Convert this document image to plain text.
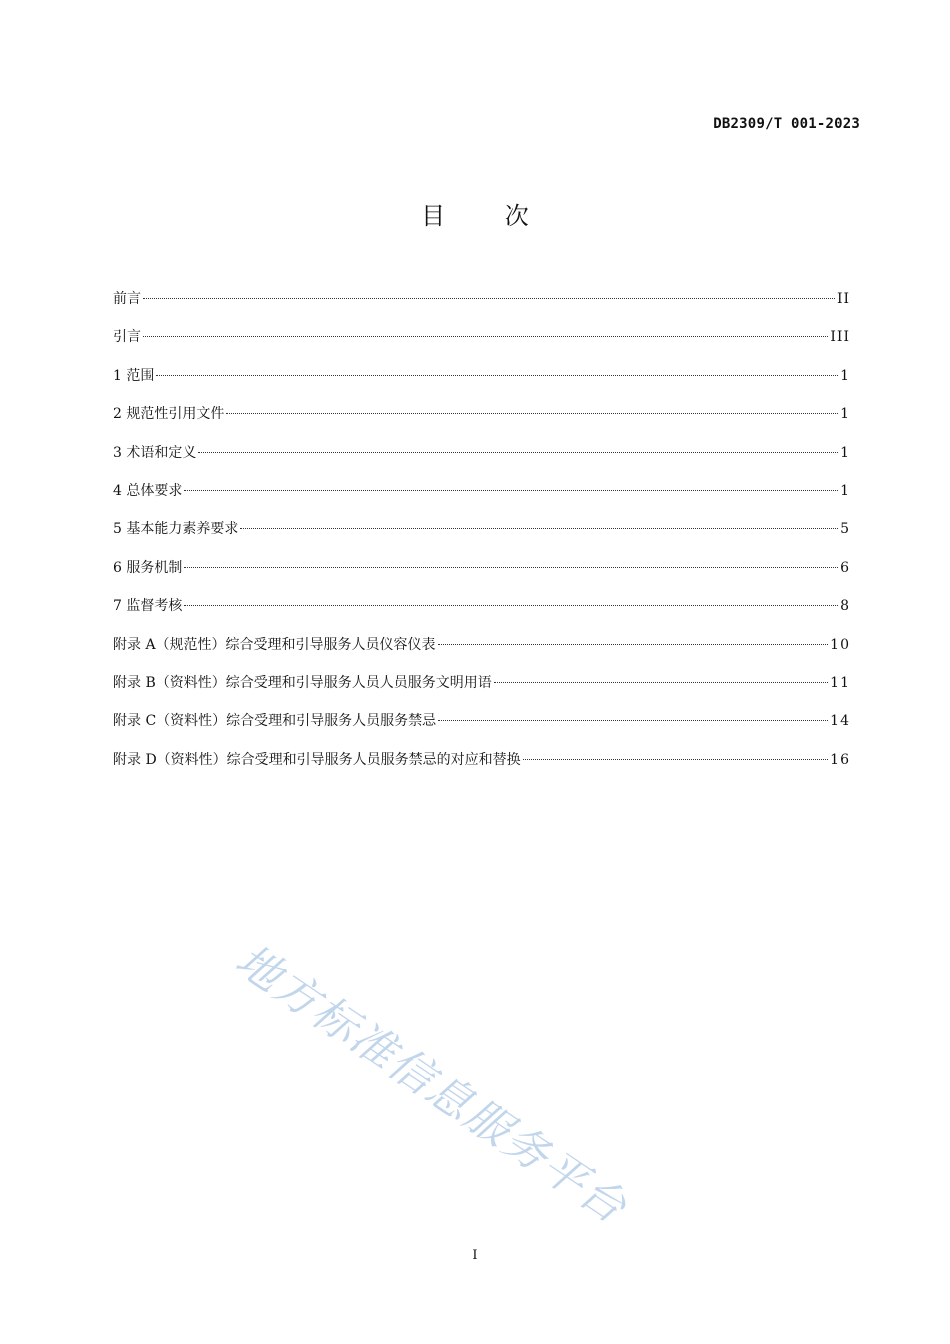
DB2309/T 001-2023
目 次
前言	II
引言	III
1 范围	1
2 规范性引用文件	1
3 术语和定义	1
4 总体要求	1
5 基本能力素养要求	5
6 服务机制	6
7 监督考核	8
附录 A（规范性）综合受理和引导服务人员仪容仪表	10
附录 B（资料性）综合受理和引导服务人员人员服务文明用语	11
附录 C（资料性）综合受理和引导服务人员服务禁忌	14
附录 D（资料性）综合受理和引导服务人员服务禁忌的对应和替换	16
地方标准信息服务平台
I
